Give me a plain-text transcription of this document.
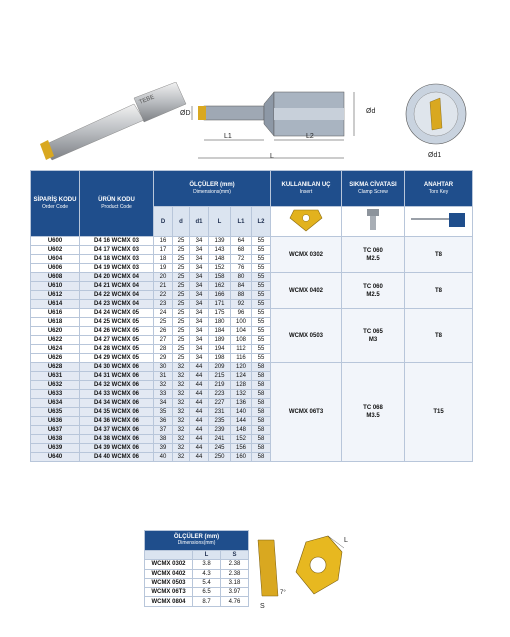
TEBE
ØD
L1	L2
L
Ød
Ød1
SİPARİŞ KODU
Order Code	ÜRÜN KODU
Product Code	ÖLÇÜLER (mm)
Dimensions(mm)						KULLANILAN UÇ
Insert	SIKMA CİVATASI
Clamp Screw	ANAHTAR
Torx Key

		D	d	d1	L	L1	L2			
U600	D4 16 WCMX 03	16	25	34	139	64	55	WCMX 0302	TC 060
M2.5	T8
U602	D4 17 WCMX 03	17	25	34	143	68	55			
U604	D4 18 WCMX 03	18	25	34	148	72	55			
U606	D4 19 WCMX 03	19	25	34	152	76	55			
U608	D4 20 WCMX 04	20	25	34	158	80	55	WCMX 0402	TC 060
M2.5	T8
U610	D4 21 WCMX 04	21	25	34	162	84	55			
U612	D4 22 WCMX 04	22	25	34	166	88	55			
U614	D4 23 WCMX 04	23	25	34	171	92	55			
U616	D4 24 WCMX 05	24	25	34	175	96	55	WCMX 0503	TC 065
M3	T8
U618	D4 25 WCMX 05	25	25	34	180	100	55			
U620	D4 26 WCMX 05	26	25	34	184	104	55			
U622	D4 27 WCMX 05	27	25	34	189	108	55			
U624	D4 28 WCMX 05	28	25	34	194	112	55			
U626	D4 29 WCMX 05	29	25	34	198	116	55			
U628	D4 30 WCMX 06	30	32	44	209	120	58	WCMX 06T3	TC 068
M3.5	T15
U631	D4 31 WCMX 06	31	32	44	215	124	58			
U632	D4 32 WCMX 06	32	32	44	219	128	58			
U633	D4 33 WCMX 06	33	32	44	223	132	58			
U634	D4 34 WCMX 06	34	32	44	227	136	58			
U635	D4 35 WCMX 06	35	32	44	231	140	58			
U636	D4 36 WCMX 06	36	32	44	235	144	58			
U637	D4 37 WCMX 06	37	32	44	239	148	58			
U638	D4 38 WCMX 06	38	32	44	241	152	58			
U639	D4 39 WCMX 06	39	32	44	245	156	58			
U640	D4 40 WCMX 06	40	32	44	250	160	58			
ÖLÇÜLER (mm)
Dimensions(mm)		

	L	S
WCMX 0302	3.8	2.38
WCMX 0402	4.3	2.38
WCMX 0503	5.4	3.18
WCMX 06T3	6.5	3.97
WCMX 0804	8.7	4.76
L
S
7°
